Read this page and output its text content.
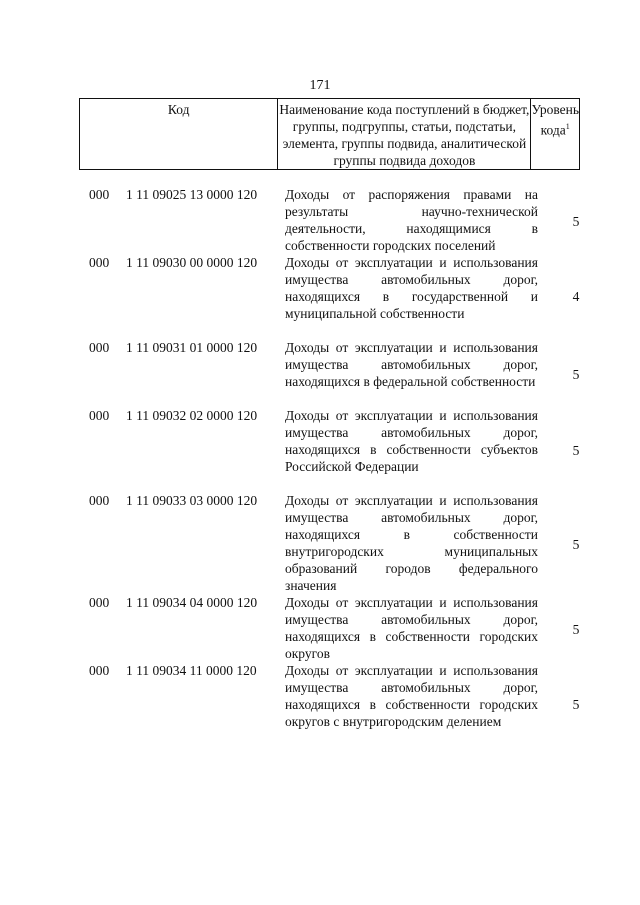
171
Код	Наименование кода поступлений в бюджет, группы, подгруппы, статьи, подстатьи, элемента, группы подвида, аналитической группы подвида доходов
Уровень кода$^1$
000 1 11 09025 13 0000 120 Доходы от распоряжения правами на результаты научно-технической деятельности, находящимися в собственности городских поселений
5
000 1 11 09030 00 0000 120 Доходы от эксплуатации и использования имущества автомобильных дорог, находящихся в государственной и муниципальной собственности
4
000 1 11 09031 01 0000 120 Доходы от эксплуатации и использования имущества автомобильных дорог, находящихся в федеральной собственности	5
000 1 11 09032 02 0000 120 Доходы от эксплуатации и использования имущества автомобильных дорог, находящихся в собственности субъектов Российской Федерации
5
000 1 11 09033 03 0000 120 Доходы от эксплуатации и использования имущества автомобильных дорог, находящихся в собственности внутригородских муниципальных образований городов федерального значения
5
000 1 11 09034 04 0000 120 Доходы от эксплуатации и использования имущества автомобильных дорог, находящихся в собственности городских округов
5
000 1 11 09034 11 0000 120 Доходы от эксплуатации и использования имущества автомобильных дорог, находящихся в собственности городских округов с внутригородским делением
5
